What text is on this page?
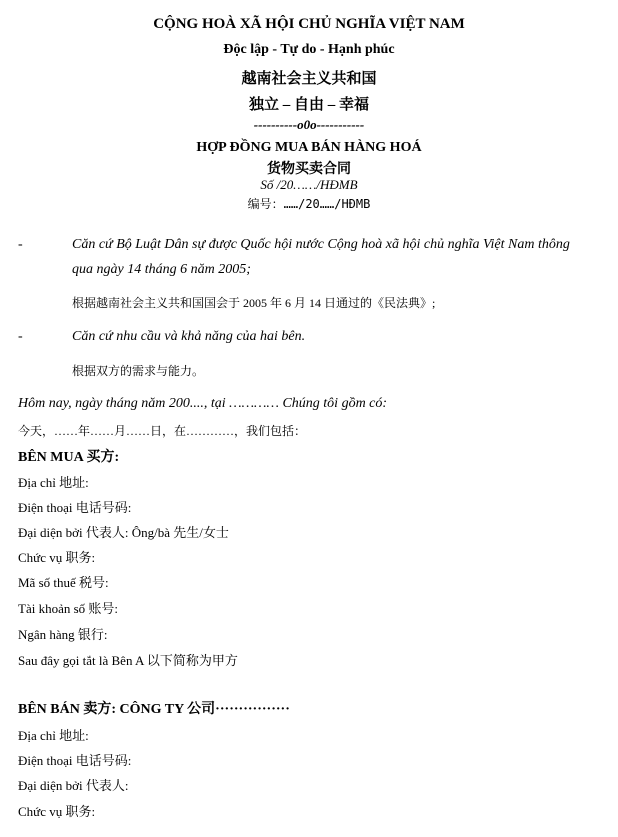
CỘNG HOÀ XÃ HỘI CHỦ NGHĨA VIỆT NAM
Độc lập - Tự do - Hạnh phúc
越南社会主义共和国
独立 – 自由 – 幸福
----------o0o-----------
HỢP ĐỒNG MUA BÁN HÀNG HOÁ
货物买卖合同
Số /20……/HĐMB
编号：……/20……/HĐMB
-	Căn cứ Bộ Luật Dân sự được Quốc hội nước Cộng hoà xã hội chủ nghĩa Việt Nam thông
qua ngày 14 tháng 6 năm 2005;
根据越南社会主义共和国国会于 2005 年 6 月 14 日通过的《民法典》;
-	Căn cứ nhu cầu và khả năng của hai bên.
根据双方的需求与能力。
Hôm nay, ngày tháng năm 200...., tại ………… Chúng tôi gồm có:
今天，……年……月……日，在…………，我们包括：
BÊN MUA 买方:
Địa chỉ 地址:
Điện thoại 电话号码:
Đại diện bởi 代表人: Ông/bà 先生/女士
Chức vụ 职务:
Mã số thuế 税号:
Tài khoản số 账号:
Ngân hàng 银行:
Sau đây gọi tắt là Bên A 以下简称为甲方
BÊN BÁN 卖方: CÔNG TY 公司················
Địa chỉ 地址:
Điện thoại 电话号码:
Đại diện bởi 代表人:
Chức vụ 职务:
